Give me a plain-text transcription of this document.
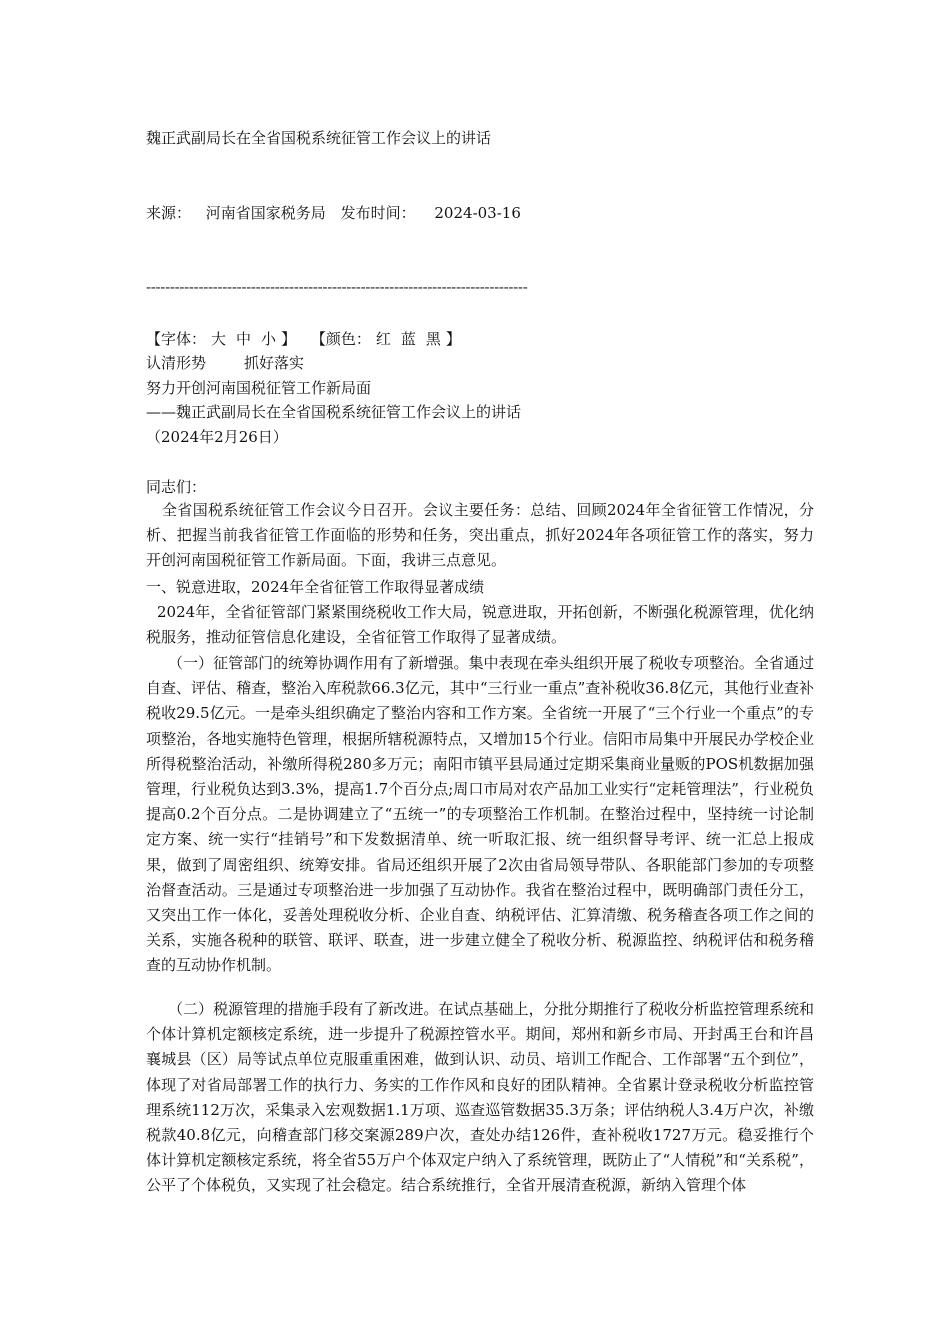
魏正武副局长在全省国税系统征管工作会议上的讲话
来源： 河南省国家税务局 发布时间： 2024-03-16
--------------------------------------------------------------------------------
【字体： 大 中 小 】 【颜色： 红 蓝 黑 】
认清形势	抓好落实
努力开创河南国税征管工作新局面
——魏正武副局长在全省国税系统征管工作会议上的讲话
（2024年2月26日）
同志们：
全省国税系统征管工作会议今日召开。会议主要任务：总结、回顾2024年全省征管工作情况，分析、把握当前我省征管工作面临的形势和任务，突出重点，抓好2024年各项征管工作的落实，努力开创河南国税征管工作新局面。下面，我讲三点意见。
一、锐意进取，2024年全省征管工作取得显著成绩
2024年，全省征管部门紧紧围绕税收工作大局，锐意进取，开拓创新，不断强化税源管理，优化纳税服务，推动征管信息化建设，全省征管工作取得了显著成绩。
（一）征管部门的统筹协调作用有了新增强。集中表现在牵头组织开展了税收专项整治。全省通过自查、评估、稽查，整治入库税款66.3亿元，其中“三行业一重点”查补税收36.8亿元，其他行业查补税收29.5亿元。一是牵头组织确定了整治内容和工作方案。全省统一开展了“三个行业一个重点”的专项整治，各地实施特色管理，根据所辖税源特点，又增加15个行业。信阳市局集中开展民办学校企业所得税整治活动，补缴所得税280多万元；南阳市镇平县局通过定期采集商业量贩的POS机数据加强管理，行业税负达到3.3%，提高1.7个百分点;周口市局对农产品加工业实行“定耗管理法”，行业税负提高0.2个百分点。二是协调建立了“五统一”的专项整治工作机制。在整治过程中，坚持统一讨论制定方案、统一实行“挂销号”和下发数据清单、统一听取汇报、统一组织督导考评、统一汇总上报成果，做到了周密组织、统筹安排。省局还组织开展了2次由省局领导带队、各职能部门参加的专项整治督查活动。三是通过专项整治进一步加强了互动协作。我省在整治过程中，既明确部门责任分工，又突出工作一体化，妥善处理税收分析、企业自查、纳税评估、汇算清缴、税务稽查各项工作之间的关系，实施各税种的联管、联评、联查，进一步建立健全了税收分析、税源监控、纳税评估和税务稽查的互动协作机制。
（二）税源管理的措施手段有了新改进。在试点基础上，分批分期推行了税收分析监控管理系统和个体计算机定额核定系统，进一步提升了税源控管水平。期间，郑州和新乡市局、开封禹王台和许昌襄城县（区）局等试点单位克服重重困难，做到认识、动员、培训工作配合、工作部署“五个到位”，体现了对省局部署工作的执行力、务实的工作作风和良好的团队精神。全省累计登录税收分析监控管理系统112万次，采集录入宏观数据1.1万项、巡查巡管数据35.3万条；评估纳税人3.4万户次，补缴税款40.8亿元，向稽查部门移交案源289户次，查处办结126件，查补税收1727万元。稳妥推行个体计算机定额核定系统，将全省55万户个体双定户纳入了系统管理，既防止了“人情税”和“关系税”，公平了个体税负，又实现了社会稳定。结合系统推行，全省开展清查税源，新纳入管理个体
